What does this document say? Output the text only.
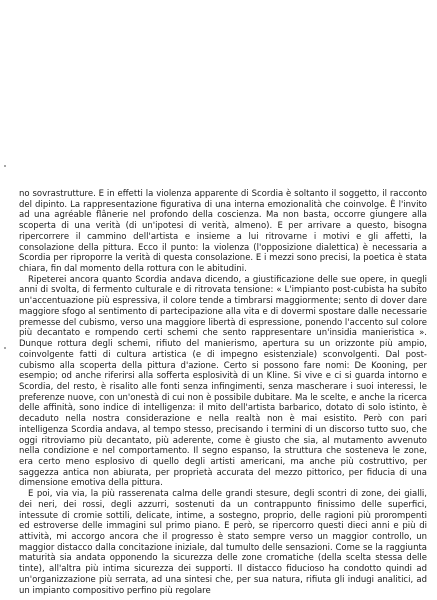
no sovrastrutture. E in effetti la violenza apparente di Scordia è soltanto il soggetto, il racconto del dipinto. La rappresentazione figurativa di una interna emozionalità che coinvolge. È l'invito ad una agréable flânerie nel profondo della coscienza. Ma non basta, occorre giungere alla scoperta di una verità (di un'ipotesi di verità, almeno). E per arrivare a questo, bisogna ripercorrere il cammino dell'artista e insieme a lui ritrovarne i motivi e gli affetti, la consolazione della pittura. Ecco il punto: la violenza (l'opposizione dialettica) è necessaria a Scordia per riproporre la verità di questa consolazione. E i mezzi sono precisi, la poetica è stata chiara, fin dal momento della rottura con le abitudini.

Ripeterei ancora quanto Scordia andava dicendo, a giustificazione delle sue opere, in quegli anni di svolta, di fermento culturale e di ritrovata tensione: « L'impianto post-cubista ha subito un'accentuazione più espressiva, il colore tende a timbrarsi maggiormente; sento di dover dare maggiore sfogo al sentimento di partecipazione alla vita e di dovermi spostare dalle necessarie premesse del cubismo, verso una maggiore libertà di espressione, ponendo l'accento sul colore più decantato e rompendo certi schemi che sento rappresentare un'insidia manieristica ». Dunque rottura degli schemi, rifiuto del manierismo, apertura su un orizzonte più ampio, coinvolgente fatti di cultura artistica (e di impegno esistenziale) sconvolgenti. Dal post-cubismo alla scoperta della pittura d'azione. Certo si possono fare nomi: De Kooning, per esempio; od anche riferirsi alla sofferta esplosività di un Kline. Si vive e ci si guarda intorno e Scordia, del resto, è risalito alle fonti senza infingimenti, senza mascherare i suoi interessi, le preferenze nuove, con un'onestà di cui non è possibile dubitare. Ma le scelte, e anche la ricerca delle affinità, sono indice di intelligenza: il mito dell'artista barbarico, dotato di solo istinto, è decaduto nella nostra considerazione e nella realtà non è mai esistito. Però con pari intelligenza Scordia andava, al tempo stesso, precisando i termini di un discorso tutto suo, che oggi ritroviamo più decantato, più aderente, come è giusto che sia, al mutamento avvenuto nella condizione e nel comportamento. Il segno espanso, la struttura che sosteneva le zone, era certo meno esplosivo di quello degli artisti americani, ma anche più costruttivo, per saggezza antica non abiurata, per proprietà accurata del mezzo pittorico, per fiducia di una dimensione emotiva della pittura.

E poi, via via, la più rasserenata calma delle grandi stesure, degli scontri di zone, dei gialli, dei neri, dei rossi, degli azzurri, sostenuti da un contrappunto finissimo delle superfici, intessute di cromie sottili, delicate, intime, a sostegno, proprio, delle ragioni più prorompenti ed estroverse delle immagini sul primo piano. E però, se ripercorro questi dieci anni e più di attività, mi accorgo ancora che il progresso è stato sempre verso un maggior controllo, un maggior distacco dalla concitazione iniziale, dal tumulto delle sensazioni. Come se la raggiunta maturità sia andata opponendo la sicurezza delle zone cromatiche (della scelta stessa delle tinte), all'altra più intima sicurezza dei supporti. Il distacco fiducioso ha condotto quindi ad un'organizzazione più serrata, ad una sintesi che, per sua natura, rifiuta gli indugi analitici, ad un impianto compositivo perfino più regolare
